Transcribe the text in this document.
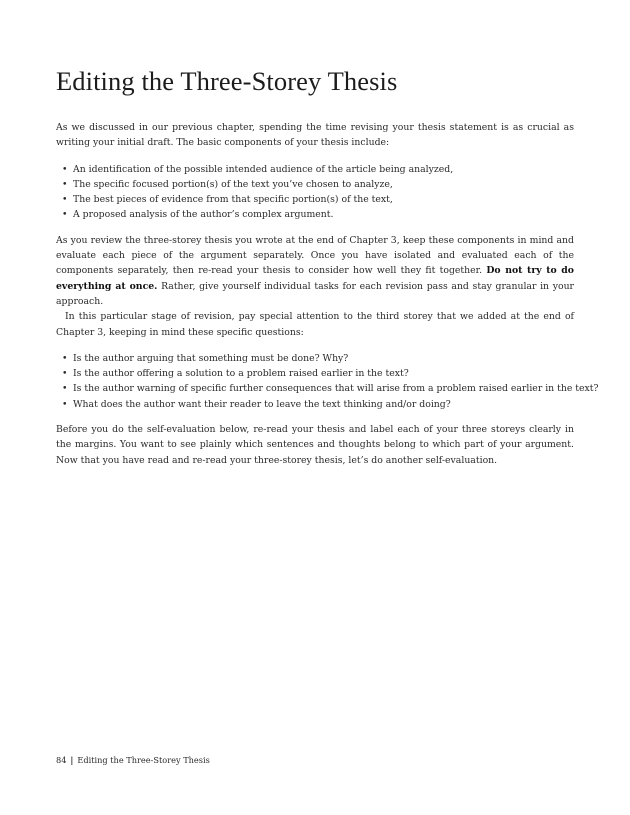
Editing the Three-Storey Thesis

As we discussed in our previous chapter, spending the time revising your thesis statement is as crucial as writing your initial draft. The basic components of your thesis include:

• An identification of the possible intended audience of the article being analyzed,
• The specific focused portion(s) of the text you’ve chosen to analyze,
• The best pieces of evidence from that specific portion(s) of the text,
• A proposed analysis of the author’s complex argument.

As you review the three-storey thesis you wrote at the end of Chapter 3, keep these components in mind and evaluate each piece of the argument separately. Once you have isolated and evaluated each of the components separately, then re-read your thesis to consider how well they fit together. Do not try to do everything at once. Rather, give yourself individual tasks for each revision pass and stay granular in your approach.

In this particular stage of revision, pay special attention to the third storey that we added at the end of Chapter 3, keeping in mind these specific questions:

• Is the author arguing that something must be done? Why?
• Is the author offering a solution to a problem raised earlier in the text?
• Is the author warning of specific further consequences that will arise from a problem raised earlier in the text?
• What does the author want their reader to leave the text thinking and/or doing?

Before you do the self-evaluation below, re-read your thesis and label each of your three storeys clearly in the margins. You want to see plainly which sentences and thoughts belong to which part of your argument. Now that you have read and re-read your three-storey thesis, let’s do another self-evaluation.

84 | Editing the Three-Storey Thesis
